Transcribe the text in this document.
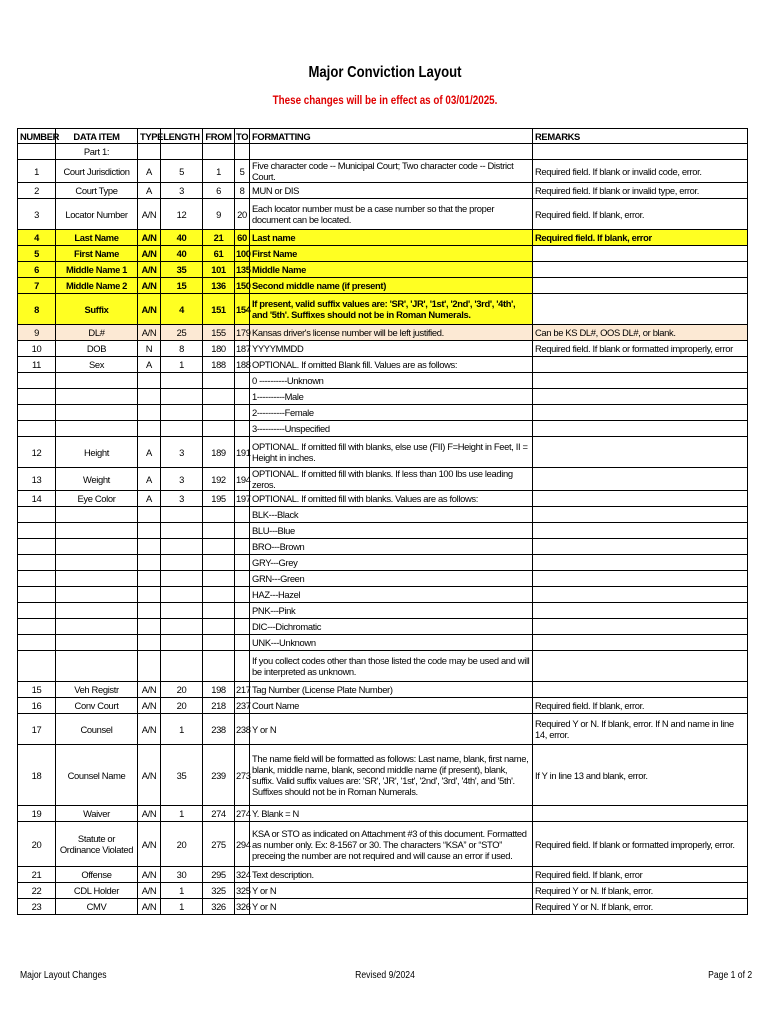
Major Conviction Layout
These changes will be in effect as of 03/01/2025.
NUMBER	DATA ITEM	TYPE	LENGTH	FROM	TO	FORMATTING	REMARKS
	Part 1:						
1	Court Jurisdiction	A	5	1	5	Five character code -- Municipal Court; Two character code -- District Court.	Required field. If blank or invalid code, error.
2	Court Type	A	3	6	8	MUN or DIS	Required field. If blank or invalid type, error.
3	Locator Number	A/N	12	9	20	Each locator number must be a case number so that the proper document can be located.	Required field. If blank, error.
4	Last Name	A/N	40	21	60	Last name	Required field. If blank, error
5	First Name	A/N	40	61	100	First Name	
6	Middle Name 1	A/N	35	101	135	Middle Name	
7	Middle Name 2	A/N	15	136	150	Second middle name (if present)	
8	Suffix	A/N	4	151	154	If present, valid suffix values are: 'SR', 'JR', '1st', '2nd', '3rd', '4th', and '5th'. Suffixes should not be in Roman Numerals.	
9	DL#	A/N	25	155	179	Kansas driver's license number will be left justified.	Can be KS DL#, OOS DL#, or blank.
10	DOB	N	8	180	187	YYYYMMDD	Required field. If blank or formatted improperly, error
11	Sex	A	1	188	188	OPTIONAL. If omitted Blank fill. Values are as follows:	
						0 ----------Unknown	
						1----------Male	
						2----------Female	
						3----------Unspecified	
12	Height	A	3	189	191	OPTIONAL. If omitted fill with blanks, else use (FII) F=Height in Feet, II = Height in inches.	
13	Weight	A	3	192	194	OPTIONAL. If omitted fill with blanks. If less than 100 lbs use leading zeros.	
14	Eye Color	A	3	195	197	OPTIONAL. If omitted fill with blanks. Values are as follows:	
						BLK---Black	
						BLU---Blue	
						BRO---Brown	
						GRY---Grey	
						GRN---Green	
						HAZ---Hazel	
						PNK---Pink	
						DIC---Dichromatic	
						UNK---Unknown	
						If you collect codes other than those listed the code may be used and will be interpreted as unknown.	
15	Veh Registr	A/N	20	198	217	Tag Number (License Plate Number)	
16	Conv Court	A/N	20	218	237	Court Name	Required field. If blank, error.
17	Counsel	A/N	1	238	238	Y or N	Required Y or N. If blank, error. If N and name in line 14, error.
18	Counsel Name	A/N	35	239	273	The name field will be formatted as follows: Last name, blank, first name, blank, middle name, blank, second middle name (if present), blank, suffix. Valid suffix values are: 'SR', 'JR', '1st', '2nd', '3rd', '4th', and '5th'. Suffixes should not be in Roman Numerals.	If Y in line 13 and blank, error.
19	Waiver	A/N	1	274	274	Y. Blank = N	
20	Statute or Ordinance Violated	A/N	20	275	294	KSA or STO as indicated on Attachment #3 of this document. Formatted as number only. Ex: 8-1567 or 30. The characters “KSA” or “STO” preceing the number are not required and will cause an error if used.	Required field. If blank or formatted improperly, error.
21	Offense	A/N	30	295	324	Text description.	Required field. If blank, error
22	CDL Holder	A/N	1	325	325	Y or N	Required Y or N. If blank, error.
23	CMV	A/N	1	326	326	Y or N	Required Y or N. If blank, error.
Major Layout Changes	Revised 9/2024	Page 1 of 2
